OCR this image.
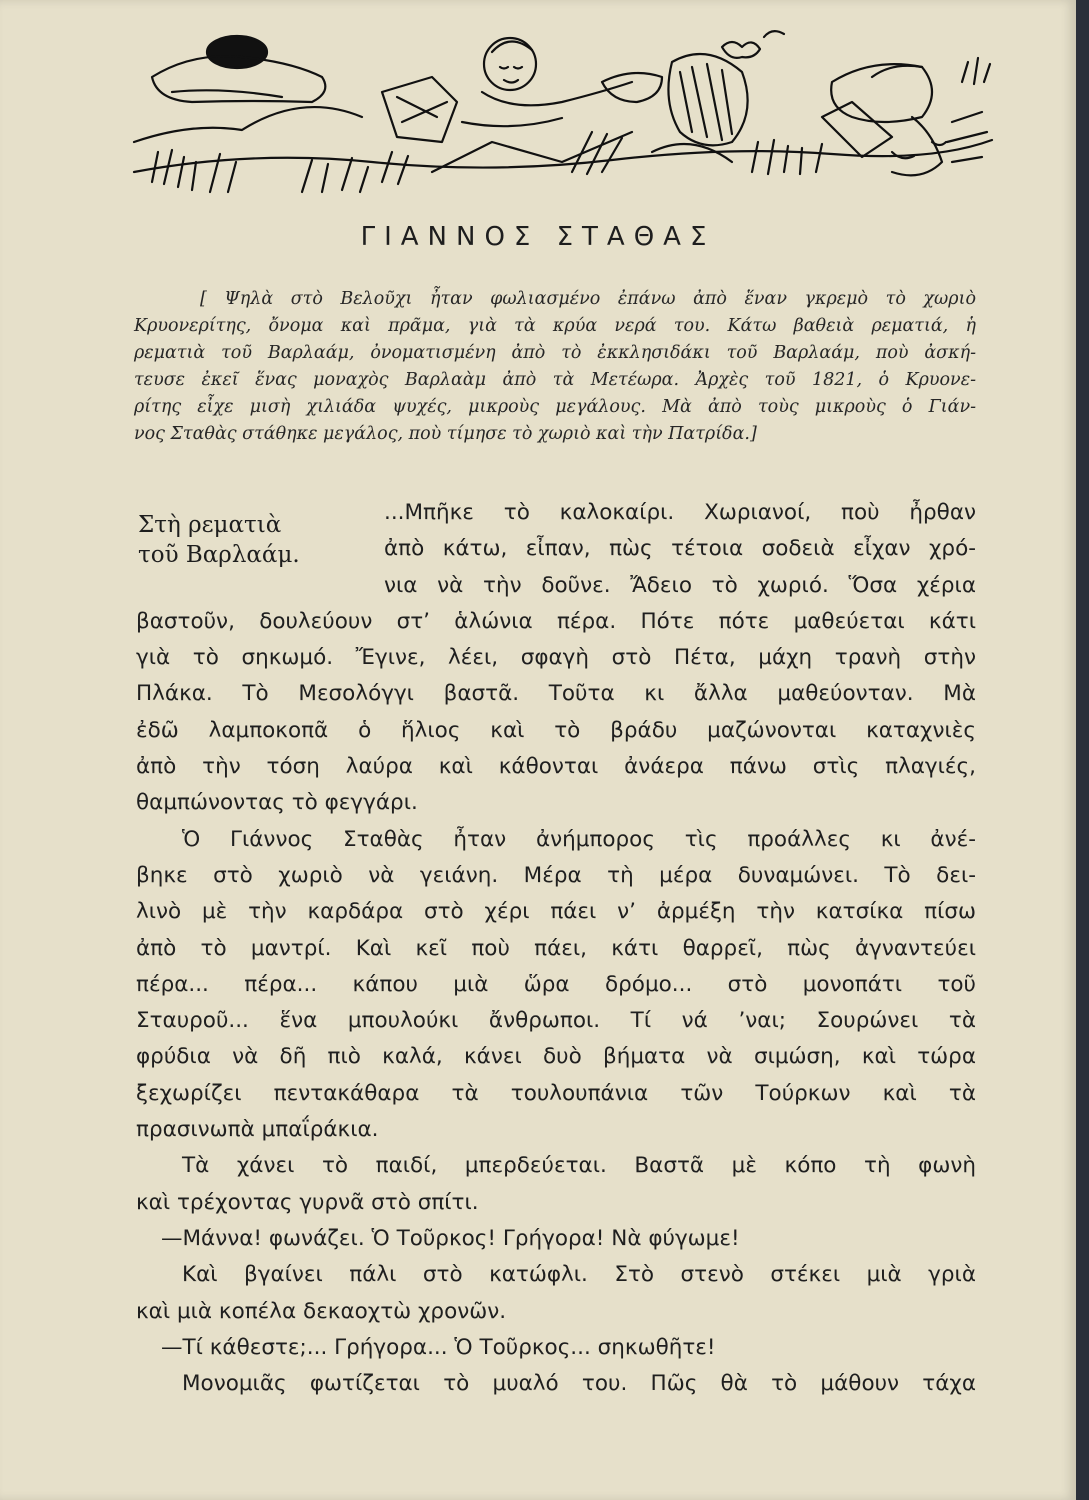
ΓΙΑΝΝΟΣ ΣΤΑΘΑΣ
[ Ψηλὰ στὸ Βελοῦχι ἦταν φωλιασμένο ἐπάνω ἀπὸ ἕναν γκρεμὸ τὸ χωριὸ
Κρυονερίτης, ὄνομα καὶ πρᾶμα, γιὰ τὰ κρύα νερά του. Κάτω βαθειὰ ρεματιά, ἡ
ρεματιὰ τοῦ Βαρλαάμ, ὀνοματισμένη ἀπὸ τὸ ἐκκλησιδάκι τοῦ Βαρλαάμ, ποὺ ἀσκή-
τευσε ἐκεῖ ἕνας μοναχὸς Βαρλαὰμ ἀπὸ τὰ Μετέωρα. Ἀρχὲς τοῦ 1821, ὁ Κρυονε-
ρίτης εἶχε μισὴ χιλιάδα ψυχές, μικροὺς μεγάλους. Μὰ ἀπὸ τοὺς μικροὺς ὁ Γιάν-
νος Σταθὰς στάθηκε μεγάλος, ποὺ τίμησε τὸ χωριὸ καὶ τὴν Πατρίδα.]
Στὴ ρεματιὰ
τοῦ Βαρλαάμ.
...Μπῆκε τὸ καλοκαίρι. Χωριανοί, ποὺ ἦρθαν
ἀπὸ κάτω, εἶπαν, πὼς τέτοια σοδειὰ εἶχαν χρό-
νια νὰ τὴν δοῦνε. Ἄδειο τὸ χωριό. Ὅσα χέρια
βαστοῦν, δουλεύουν στ’ ἁλώνια πέρα. Πότε πότε μαθεύεται κάτι
γιὰ τὸ σηκωμό. Ἔγινε, λέει, σφαγὴ στὸ Πέτα, μάχη τρανὴ στὴν
Πλάκα. Τὸ Μεσολόγγι βαστᾶ. Τοῦτα κι ἄλλα μαθεύονταν. Μὰ
ἐδῶ λαμποκοπᾶ ὁ ἥλιος καὶ τὸ βράδυ μαζώνονται καταχνιὲς
ἀπὸ τὴν τόση λαύρα καὶ κάθονται ἀνάερα πάνω στὶς πλαγιές,
θαμπώνοντας τὸ φεγγάρι.
Ὁ Γιάννος Σταθὰς ἦταν ἀνήμπορος τὶς προάλλες κι ἀνέ-
βηκε στὸ χωριὸ νὰ γειάνη. Μέρα τὴ μέρα δυναμώνει. Τὸ δει-
λινὸ μὲ τὴν καρδάρα στὸ χέρι πάει ν’ ἀρμέξη τὴν κατσίκα πίσω
ἀπὸ τὸ μαντρί. Καὶ κεῖ ποὺ πάει, κάτι θαρρεῖ, πὼς ἀγναντεύει
πέρα... πέρα... κάπου μιὰ ὥρα δρόμο... στὸ μονοπάτι τοῦ
Σταυροῦ... ἕνα μπουλούκι ἄνθρωποι. Τί νά ’ναι; Σουρώνει τὰ
φρύδια νὰ δῆ πιὸ καλά, κάνει δυὸ βήματα νὰ σιμώση, καὶ τώρα
ξεχωρίζει πεντακάθαρα τὰ τουλουπάνια τῶν Τούρκων καὶ τὰ
πρασινωπὰ μπαΐράκια.
Τὰ χάνει τὸ παιδί, μπερδεύεται. Βαστᾶ μὲ κόπο τὴ φωνὴ
καὶ τρέχοντας γυρνᾶ στὸ σπίτι.
—Μάννα! φωνάζει. Ὁ Τοῦρκος! Γρήγορα! Νὰ φύγωμε!
Καὶ βγαίνει πάλι στὸ κατώφλι. Στὸ στενὸ στέκει μιὰ γριὰ
καὶ μιὰ κοπέλα δεκαοχτὼ χρονῶν.
—Τί κάθεστε;... Γρήγορα... Ὁ Τοῦρκος... σηκωθῆτε!
Μονομιᾶς φωτίζεται τὸ μυαλό του. Πῶς θὰ τὸ μάθουν τάχα
